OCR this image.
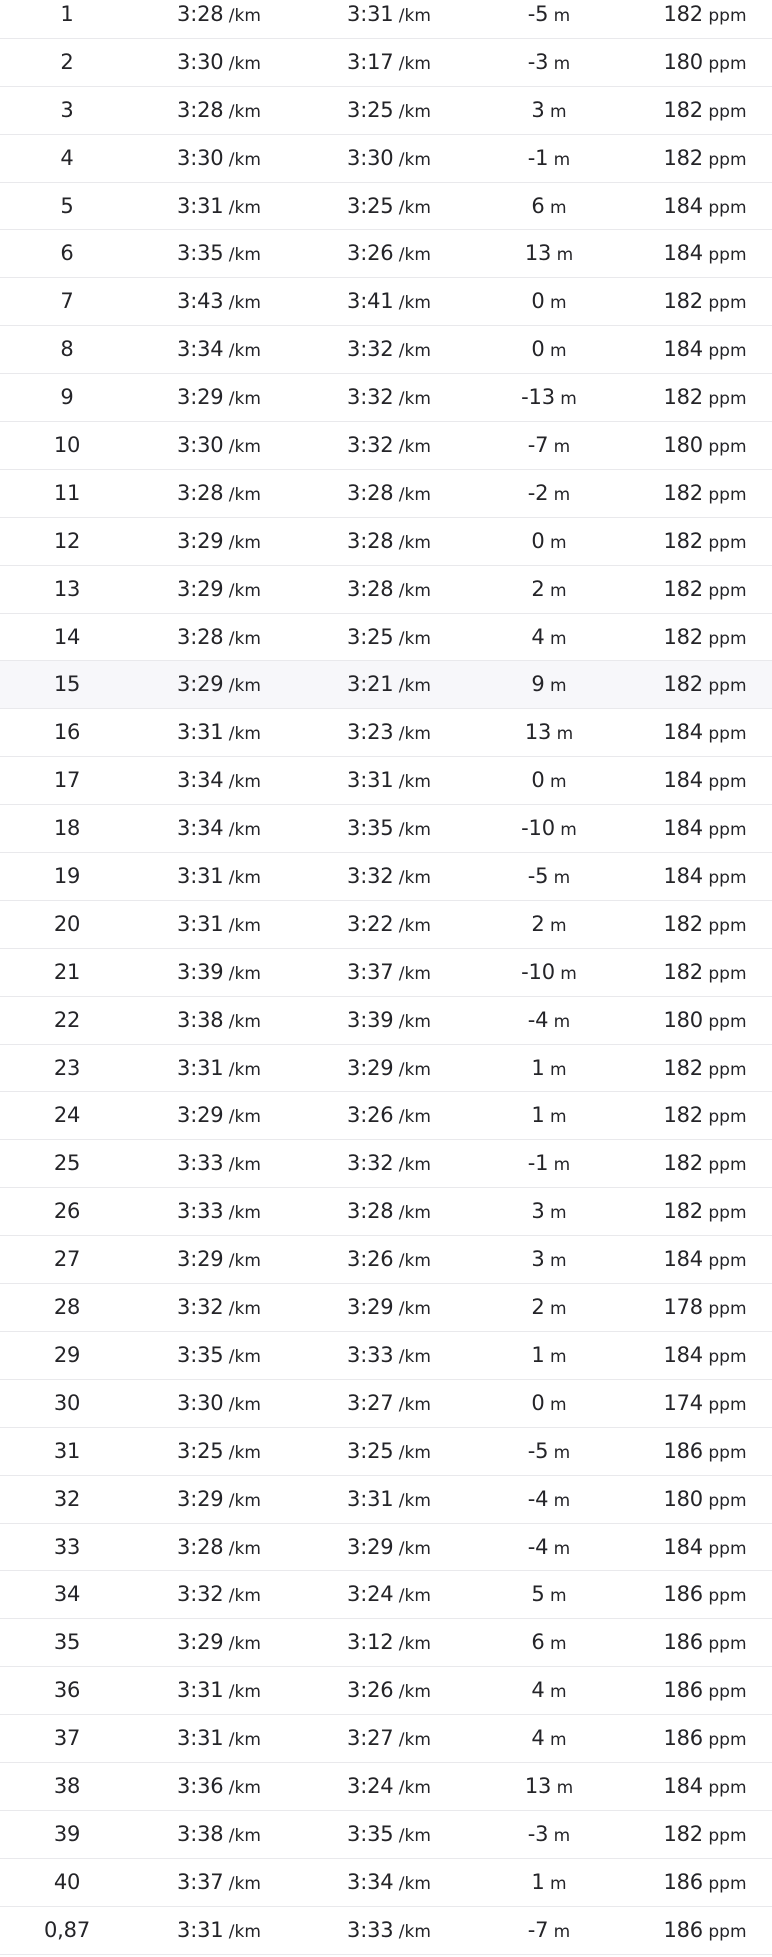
1	3:28 /km	3:31 /km	-5 m	182 ppm
2	3:30 /km	3:17 /km	-3 m	180 ppm
3	3:28 /km	3:25 /km	3 m	182 ppm
4	3:30 /km	3:30 /km	-1 m	182 ppm
5	3:31 /km	3:25 /km	6 m	184 ppm
6	3:35 /km	3:26 /km	13 m	184 ppm
7	3:43 /km	3:41 /km	0 m	182 ppm
8	3:34 /km	3:32 /km	0 m	184 ppm
9	3:29 /km	3:32 /km	-13 m	182 ppm
10	3:30 /km	3:32 /km	-7 m	180 ppm
11	3:28 /km	3:28 /km	-2 m	182 ppm
12	3:29 /km	3:28 /km	0 m	182 ppm
13	3:29 /km	3:28 /km	2 m	182 ppm
14	3:28 /km	3:25 /km	4 m	182 ppm
15	3:29 /km	3:21 /km	9 m	182 ppm
16	3:31 /km	3:23 /km	13 m	184 ppm
17	3:34 /km	3:31 /km	0 m	184 ppm
18	3:34 /km	3:35 /km	-10 m	184 ppm
19	3:31 /km	3:32 /km	-5 m	184 ppm
20	3:31 /km	3:22 /km	2 m	182 ppm
21	3:39 /km	3:37 /km	-10 m	182 ppm
22	3:38 /km	3:39 /km	-4 m	180 ppm
23	3:31 /km	3:29 /km	1 m	182 ppm
24	3:29 /km	3:26 /km	1 m	182 ppm
25	3:33 /km	3:32 /km	-1 m	182 ppm
26	3:33 /km	3:28 /km	3 m	182 ppm
27	3:29 /km	3:26 /km	3 m	184 ppm
28	3:32 /km	3:29 /km	2 m	178 ppm
29	3:35 /km	3:33 /km	1 m	184 ppm
30	3:30 /km	3:27 /km	0 m	174 ppm
31	3:25 /km	3:25 /km	-5 m	186 ppm
32	3:29 /km	3:31 /km	-4 m	180 ppm
33	3:28 /km	3:29 /km	-4 m	184 ppm
34	3:32 /km	3:24 /km	5 m	186 ppm
35	3:29 /km	3:12 /km	6 m	186 ppm
36	3:31 /km	3:26 /km	4 m	186 ppm
37	3:31 /km	3:27 /km	4 m	186 ppm
38	3:36 /km	3:24 /km	13 m	184 ppm
39	3:38 /km	3:35 /km	-3 m	182 ppm
40	3:37 /km	3:34 /km	1 m	186 ppm
0,87	3:31 /km	3:33 /km	-7 m	186 ppm
